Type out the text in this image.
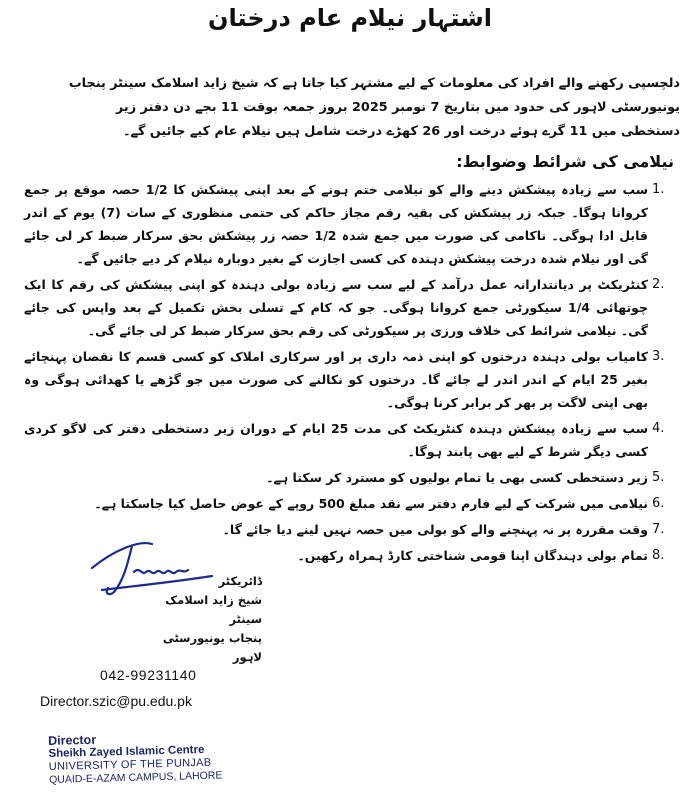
اشتہار نیلام عام درختان
دلچسپی رکھنے والے افراد کی معلومات کے لیے مشتہر کیا جاتا ہے کہ شیخ زاید اسلامک سینٹر پنجاب یونیورسٹی لاہور کی حدود میں بتاریخ 7 نومبر 2025 بروز جمعہ بوقت 11 بجے دن دفتر زیر دستخطی میں 11 گرے ہوئے درخت اور 26 کھڑے درخت شامل ہیں نیلام عام کیے جائیں گے۔
نیلامی کی شرائط وضوابط:
1.
سب سے زیادہ پیشکش دینے والے کو نیلامی ختم ہونے کے بعد اپنی پیشکش کا 1/2 حصہ موقع پر جمع کروانا ہوگا۔ جبکہ زر پیشکش کی بقیہ رقم مجاز حاکم کی حتمی منظوری کے سات (7) یوم کے اندر قابل ادا ہوگی۔ ناکامی کی صورت میں جمع شدہ 1/2 حصہ زر پیشکش بحق سرکار ضبط کر لی جائے گی اور نیلام شدہ درخت پیشکش دہندہ کی کسی اجازت کے بغیر دوبارہ نیلام کر دیے جائیں گے۔
2.
کنٹریکٹ پر دیانتدارانہ عمل درآمد کے لیے سب سے زیادہ بولی دہندہ کو اپنی پیشکش کی رقم کا ایک چوتھائی 1/4 سیکورٹی جمع کروانا ہوگی۔ جو کہ کام کے تسلی بخش تکمیل کے بعد واپس کی جائے گی۔ نیلامی شرائط کی خلاف ورزی پر سیکورٹی کی رقم بحق سرکار ضبط کر لی جائے گی۔
3.
کامیاب بولی دہندہ درختوں کو اپنی ذمہ داری پر اور سرکاری املاک کو کسی قسم کا نقصان پہنچائے بغیر 25 ایام کے اندر اندر لے جائے گا۔ درختوں کو نکالنے کی صورت میں جو گڑھے یا کھدائی ہوگی وہ بھی اپنی لاگت پر بھر کر برابر کرنا ہوگی۔
4.
سب سے زیادہ پیشکش دہندہ کنٹریکٹ کی مدت 25 ایام کے دوران زیر دستخطی دفتر کی لاگو کردی کسی دیگر شرط کے لیے بھی پابند ہوگا۔
5.
زیر دستخطی کسی بھی یا تمام بولیوں کو مسترد کر سکتا ہے۔
6.
نیلامی میں شرکت کے لیے فارم دفتر سے نقد مبلغ 500 روپے کے عوض حاصل کیا جاسکتا ہے۔
7.
وقت مقررہ پر نہ پہنچنے والے کو بولی میں حصہ نہیں لینے دیا جائے گا۔
8.
تمام بولی دہندگان اپنا قومی شناختی کارڈ ہمراہ رکھیں۔
ڈائریکٹر
شیخ زاید اسلامک سینٹر
پنجاب یونیورسٹی لاہور
042-99231140
Director.szic@pu.edu.pk
Director
Sheikh Zayed Islamic Centre
UNIVERSITY OF THE PUNJAB
QUAID-E-AZAM CAMPUS, LAHORE
